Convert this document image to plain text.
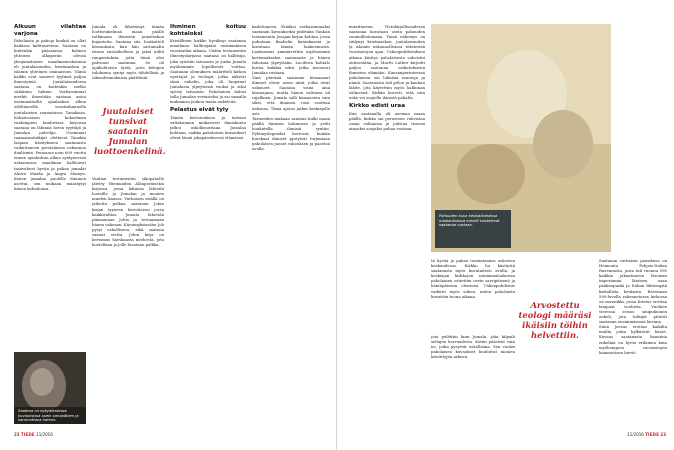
Alkuun vilahtaa varjona

Paholaista ja pahoja henkiä on ollut kaikissa kulttuureissa. Saatana on kuitenkin pääasiassa kolmen yhteisen alkuperän olevan yksijumalaisen maailmanuskonnon eli juutalaisuuden, kristinuskon ja islamin yhteinen ominaisuus. Nämä kaikki ovat saaneet tyylinsä paljon ilmentymiä. Juutalaisuudessa saatana on kuitenkin melko vähäinen hahmo. Varhaisimmat merkit ilmestään saatana antoi ensimmäisellä ajanlaskun alkua edeltäneellä vuosituhannella juutalaisten raamatussa Tanakissa. Kolmiosaisen kokoelman vanhimpien kuuluvissa kirjoissa saatana on lähinnä hovin syyttäjä ja Jumalan palvelija. Useimmat raamatuntutkijat olettavat Tanakin laajaan käsitykseen saatanasta vaikuttaneen persialaisen uskonnon dualismin. Persiassa noin 600 vuotta ennen ajanlaskun alkua syntyneessä uskonnossa maailmaa hallitsivat tasavahvat hyvän ja pahan jumalat Ahura Mazda ja Angra Mainyu. Kenen jumalan puolelle ihminen asettui, sen mukaan määräytyi hänen kohtalonsa.

Saatana on nykyaikaisissa kuvauksissa usein sarvipäinen ja kammottava hahmo.

Jumala oli lähettänyt tämän luottoenkelinsä maan päälle tutkimaan ihmisten jumalaskon kujanteita. Saatana siis, houkutteli kiusauksiin, kun hän sattumalta istuen ensisähelleen ja jakoi niiltä rangaistuksia, jotta tämä olisi palvonut saatanaa. Se oli epäkohtoista työtä, josta kehujen tuloksena syntyi myös tähdellisiä ja oikeudenmukaisia päätöksiä.

Juutalaiset tunsivat saatanin Jumalan luottoenkelinä.

Vanhan testamentin sikopaholle jätetty Hiemuuden Alkuperäiseksi kirjassa, jossa lukuisia lähteitä luoteille ja Jumalan ja monien muiden kanssa. Varhaisen sisällä on jatkettu polkua saatanan Jobin kirjan tyyneen kerrokseen jossa kaikkivaltias Jumala lähettää piinaamaan Jobia ja testaamaan hänen uskoaan. Kärsimyksissään Job pysyi uskollisena, eikä saatana saanut otetta. Jobin kirja on kertomus hurskaasta miehestä, jota koetellaan ja jolle luvataan palkka.

Ihminen koituu kohtaloksi

Kristillinen kirkko hyväksyi saatanan maailman hallitsijaksi ensimmäisen vuosisadan aikana. Uuden testamentin Ilmestyskirjassa saatana on hallitsija, joka syöstiin taivaasta ja jonka Jumala myöhemmin lopullisesti voittaa. Saatanan olemuksen määritteli kirkon opettajat ja teologit, jotka näkivät siinä enkelin, joka oli luopunut Jumalasta ylpeytensä vuoksi ja siksi syösty taivaasta. Paholainen halusi tulla Jumalan vertaiseksi ja sai samalla mukaansa joukon muita enkeleitä.

Pelastus eivät tyly

Tämän kertomuksen ja taivaan valtakunnan mukaisesti ihmiskunta jatkoi uskollisuuttaan Jumalaa kohtaan, vaikka paholaisen kiusaukset olivat läsnä jokapäiväisessä elämässä.

kadottaneen. Erääksi varhaisimmaksi saatanan kuvaukseksi pidetään Vanhan testamentin Jesajan kirjan kohtaa, jossa puhutaan Baabelin kuninkaasta ja kuvataan tämän lankeemusta. Lankeemus ymmärrettiin myöhemmin kertomukseksi saatanasta ja hänen tuhoisaa ylpeyttään. Luciferin kohtalo kuvaa kaikkia niitä, jotka nousevat Jumalaa vastaan.

Sinä päivänä saatanan kiusaamat ihmiset olivat usein niitä, jotka eivät uskoneet. Saatana toimi aina kiusaajana, mutta hänen valtansa oli rajallinen. Jumala salli kiusausten vain siksi, että ihminen voisi osoittaa uskonsa. Tämä ajatus jatkui keskiajalle asti.

Tarinoiden mukaan saatana kulki maan päällä ihmisen hahmossa ja yritti houkutella ihmisiä syntiin. Pyhimyslegendat kertovat, kuinka hurskaat ihmiset pystyivät torjumaan paholaisen juonet rukouksen ja paaston avulla.

22 TIEDE 11/2016

muuttuneen. Tietokirjallisuudessa saatanaa kuvataan usein pahuuden ruumiillistumana. Tämä näkemys on säilynyt kristinuskon, juutalaisuuden ja islamin uskonnollisissa teksteissä vuosisatojen ajan. Uskonpuhdistuksen aikana käsitys paholaisesta vahvistui entisestään, ja Martti Luther kirjoitti paljon saatanan vaikutuksesta ihmisten elämään. Kansanperinteessä paholainen sai lukuisia muotoja ja nimiä. Saatanasta tuli pelon ja kauhun lähde, jota käytettiin myös hallinnan välineenä. Kirkko korosti, että vain usko voi suojella ihmistä pahalta.

Kirkko edisti uraa

Kun saatanalla oli asemaa maan päällä, kirkko sai perusteen vahvistaa omaa valtaansa ja julistaa itsensä ainoaksi suojaksi pahaa vastaan.

Pahuuden kuva keskiaikaisessa maalauksessa enkelit taistelevat saatanaa vastaan.

tä hyvää ja pahaa toimintaansa uskovien keskuudessa. Kirkko loi käsitystä saatanasta myös kuvataiteen avulla, ja keskiajan kirkkojen seinämaalauksissa paholainen esitettiin usein sarvipäisenä ja häntäpäisenä olentona. Uskonpuhdistus vaikutti myös siihen, miten paholaista kuvattiin tuona aikana.

Arvostettu teologi määräsi ikäisiin töihin helvettiin.

jota pelättiin kuin Jumala, joka kilpaili sielujen herruudesta. Kotiin pääsivät vain ne, jotka pysyivät uskollisina. Sen vuoksi paholaisen kuvaukset kuuluivat monien kristittyjen arkeen.

Saatanan varhaisin paasikuva on Heimonta Pohjois-Italian Ravennasta, josta tuli vuonna 590 kaikkia jakautuneen Rooman imperiumin läntisen osan pääkaupunki ja Italian lihtiempää kirkollista keskusta. Ravennan 500-luvulla rakennetussa kirkossa on mosaiikki, jossa Kristus erottaa lampaat vuohista. Vuohien vieressä seisoo sinipukuinen enkeli, jota tutkijat pitävät saatanan ensimmäisenä kuvana.

Siinä Jeesus erottaa kaikilta muilta jotka hylkäävät hänet. Kuvaus saatanasta kauniina enkelinä on hyvin erilainen kuin myöhempien vuosisatojen kammottava hirviö.

11/2016 TIEDE 23
